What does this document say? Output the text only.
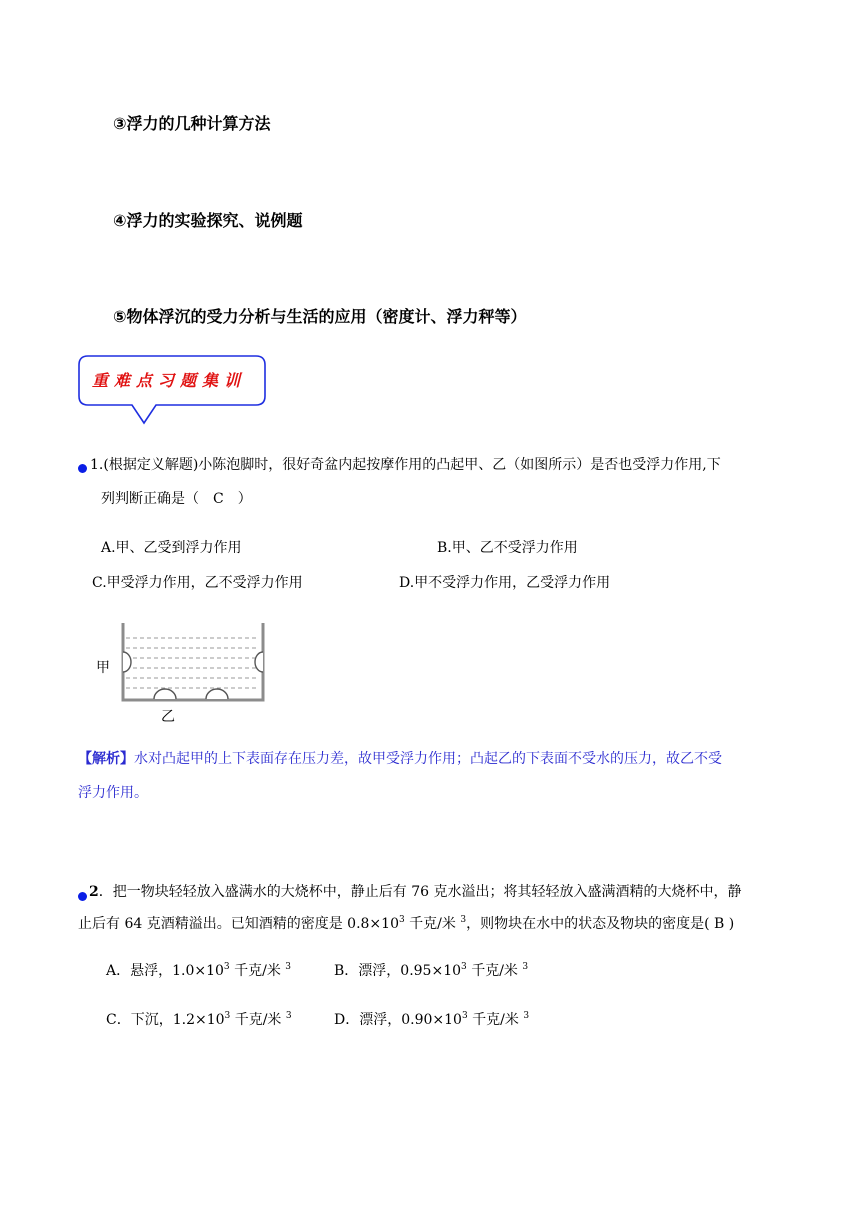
③浮力的几种计算方法
④浮力的实验探究、说例题
⑤物体浮沉的受力分析与生活的应用（密度计、浮力秤等）
重难点习题集训
1.(根据定义解题)小陈泡脚时，很好奇盆内起按摩作用的凸起甲、乙（如图所示）是否也受浮力作用,下
列判断正确是（　C　）
A.甲、乙受到浮力作用	B.甲、乙不受浮力作用
C.甲受浮力作用，乙不受浮力作用	D.甲不受浮力作用，乙受浮力作用
甲
乙
【解析】水对凸起甲的上下表面存在压力差，故甲受浮力作用；凸起乙的下表面不受水的压力，故乙不受
浮力作用。
2．把一物块轻轻放入盛满水的大烧杯中，静止后有 76 克水溢出；将其轻轻放入盛满酒精的大烧杯中，静
止后有 64 克酒精溢出。已知酒精的密度是 $0.8\times 10^3$ 千克/米 $^3$，则物块在水中的状态及物块的密度是( B )
A．悬浮，$1.0\times 10^3$ 千克/米 $^3$	B．漂浮，$0.95\times 10^3$ 千克/米 $^3$
C．下沉，$1.2\times 10^3$ 千克/米 $^3$	D．漂浮，$0.90\times 10^3$ 千克/米 $^3$
